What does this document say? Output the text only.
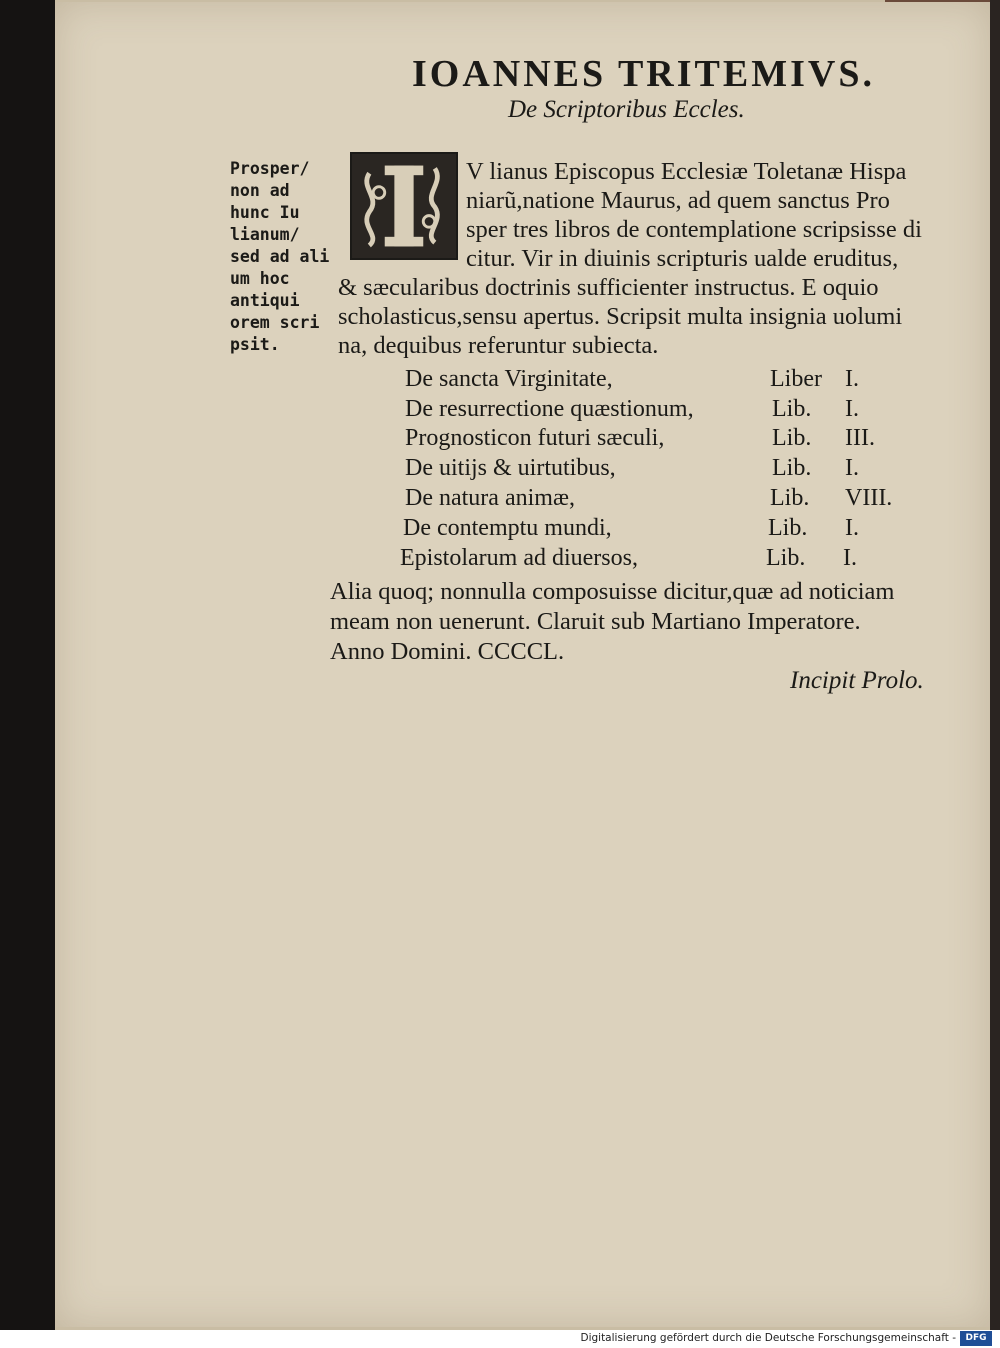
IOANNES TRITEMIVS.
De Scriptoribus Eccles.
Prosper/
non ad
hunc Iu
lianum/
sed ad ali
um hoc
antiqui
orem scri
psit.
V lianus Episcopus Ecclesiæ Toletanæ Hispa
niarũ,natione Maurus, ad quem sanctus Pro
sper tres libros de contemplatione scripsisse di
citur. Vir in diuinis scripturis ualde eruditus,
& sæcularibus doctrinis sufficienter instructus. E oquio
scholasticus,sensu apertus. Scripsit multa insignia uolumi
na, dequibus referuntur subiecta.
De sancta Virginitate,	Liber I.
De resurrectione quæstionum,	Lib. I.
Prognosticon futuri sæculi,	Lib. III.
De uitijs & uirtutibus,	Lib. I.
De natura animæ,	Lib. VIII.
De contemptu mundi,	Lib. I.
Epistolarum ad diuersos,	Lib. I.
Alia quoq; nonnulla composuisse dicitur,quæ ad noticiam
meam non uenerunt. Claruit sub Martiano Imperatore.
Anno Domini. CCCCL.
Incipit Prolo.
Digitalisierung gefördert durch die Deutsche Forschungsgemeinschaft -	DFG
